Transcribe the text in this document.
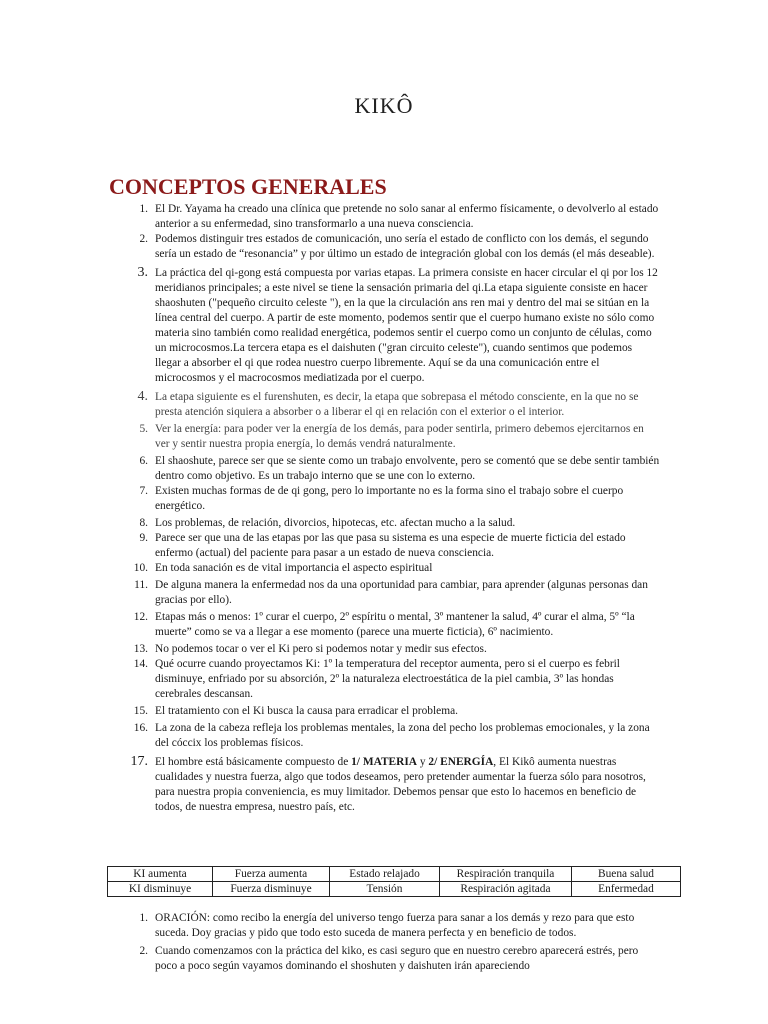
KIKÔ
CONCEPTOS GENERALES
1. El Dr. Yayama ha creado una clínica que pretende no solo sanar al enfermo físicamente, o devolverlo al estado anterior a su enfermedad, sino transformarlo a una nueva consciencia.
2. Podemos distinguir tres estados de comunicación, uno sería el estado de conflicto con los demás, el segundo sería un estado de “resonancia” y por último un estado de integración global con los demás (el más deseable).
3. La práctica del qi-gong está compuesta por varias etapas. La primera consiste en hacer circular el qi por los 12 meridianos principales; a este nivel se tiene la sensación primaria del qi.La etapa siguiente consiste en hacer shaoshuten ("pequeño circuito celeste "), en la que la circulación ans ren mai y dentro del mai se sitúan en la línea central del cuerpo. A partir de este momento, podemos sentir que el cuerpo humano existe no sólo como materia sino también como realidad energética, podemos sentir el cuerpo como un conjunto de células, como un microcosmos.La tercera etapa es el daishuten ("gran circuito celeste"), cuando sentimos que podemos llegar a absorber el qi que rodea nuestro cuerpo libremente. Aquí se da una comunicación entre el microcosmos y el macrocosmos mediatizada por el cuerpo.
4. La etapa siguiente es el furenshuten, es decir, la etapa que sobrepasa el método consciente, en la que no se presta atención siquiera a absorber o a liberar el qi en relación con el exterior o el interior.
5. Ver la energía: para poder ver la energía de los demás, para poder sentirla, primero debemos ejercitarnos en ver y sentir nuestra propia energía, lo demás vendrá naturalmente.
6. El shaoshute, parece ser que se siente como un trabajo envolvente, pero se comentó que se debe sentir también dentro como objetivo. Es un trabajo interno que se une con lo externo.
7. Existen muchas formas de de qi gong, pero lo importante no es la forma sino el trabajo sobre el cuerpo energético.
8. Los problemas, de relación, divorcios, hipotecas, etc. afectan mucho a la salud.
9. Parece ser que una de las etapas por las que pasa su sistema es una especie de muerte ficticia del estado enfermo (actual) del paciente para pasar a un estado de nueva consciencia.
10. En toda sanación es de vital importancia el aspecto espiritual
11. De alguna manera la enfermedad nos da una oportunidad para cambiar, para aprender (algunas personas dan gracias por ello).
12. Etapas más o menos: 1º curar el cuerpo, 2º espíritu o mental, 3º mantener la salud, 4º curar el alma, 5º “la muerte” como se va a llegar a ese momento (parece una muerte ficticia), 6º nacimiento.
13. No podemos tocar o ver el Ki pero si podemos notar y medir sus efectos.
14. Qué ocurre cuando proyectamos Ki: 1º la temperatura del receptor aumenta, pero si el cuerpo es febril disminuye, enfriado por su absorción, 2º la naturaleza electroestática de la piel cambia, 3º las hondas cerebrales descansan.
15. El tratamiento con el Ki busca la causa para erradicar el problema.
16. La zona de la cabeza refleja los problemas mentales, la zona del pecho los problemas emocionales, y la zona del cóccix los problemas físicos.
17. El hombre está básicamente compuesto de 1/ MATERIA y 2/ ENERGÍA, El Kikô aumenta nuestras cualidades y nuestra fuerza, algo que todos deseamos, pero pretender aumentar la fuerza sólo para nosotros, para nuestra propia conveniencia, es muy limitador. Debemos pensar que esto lo hacemos en beneficio de todos, de nuestra empresa, nuestro país, etc.
KI aumenta	Fuerza aumenta	Estado relajado	Respiración tranquila	Buena salud
KI disminuye	Fuerza disminuye	Tensión	Respiración agitada	Enfermedad
1. ORACIÓN: como recibo la energía del universo tengo fuerza para sanar a los demás y rezo para que esto suceda. Doy gracias y pido que todo esto suceda de manera perfecta y en beneficio de todos.
2. Cuando comenzamos con la práctica del kiko, es casi seguro que en nuestro cerebro aparecerá estrés, pero poco a poco según vayamos dominando el shoshuten y daishuten irán apareciendo
